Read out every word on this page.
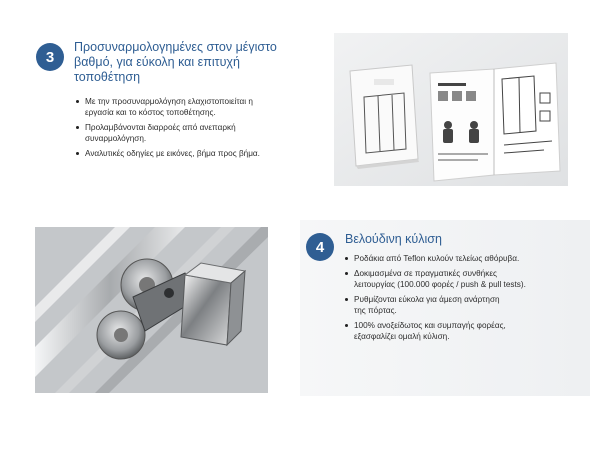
3
Προσυναρμολογημένες στον μέγιστο βαθμό, για εύκολη και επιτυχή τοποθέτηση
Με την προσυναρμολόγηση ελαχιστοποιείται η
εργασία και το κόστος τοποθέτησης.
Προλαμβάνονται διαρροές από ανεπαρκή
συναρμολόγηση.
Αναλυτικές οδηγίες με εικόνες, βήμα προς βήμα.
4	Βελούδινη κύλιση
Ροδάκια από Teflon κυλούν τελείως αθόρυβα.
Δοκιμασμένα σε πραγματικές συνθήκες
λειτουργίας (100.000 φορές / push & pull tests).
Ρυθμίζονται εύκολα για άμεση ανάρτηση
της πόρτας.
100% ανοξείδωτος και συμπαγής φορέας,
εξασφαλίζει ομαλή κύλιση.
